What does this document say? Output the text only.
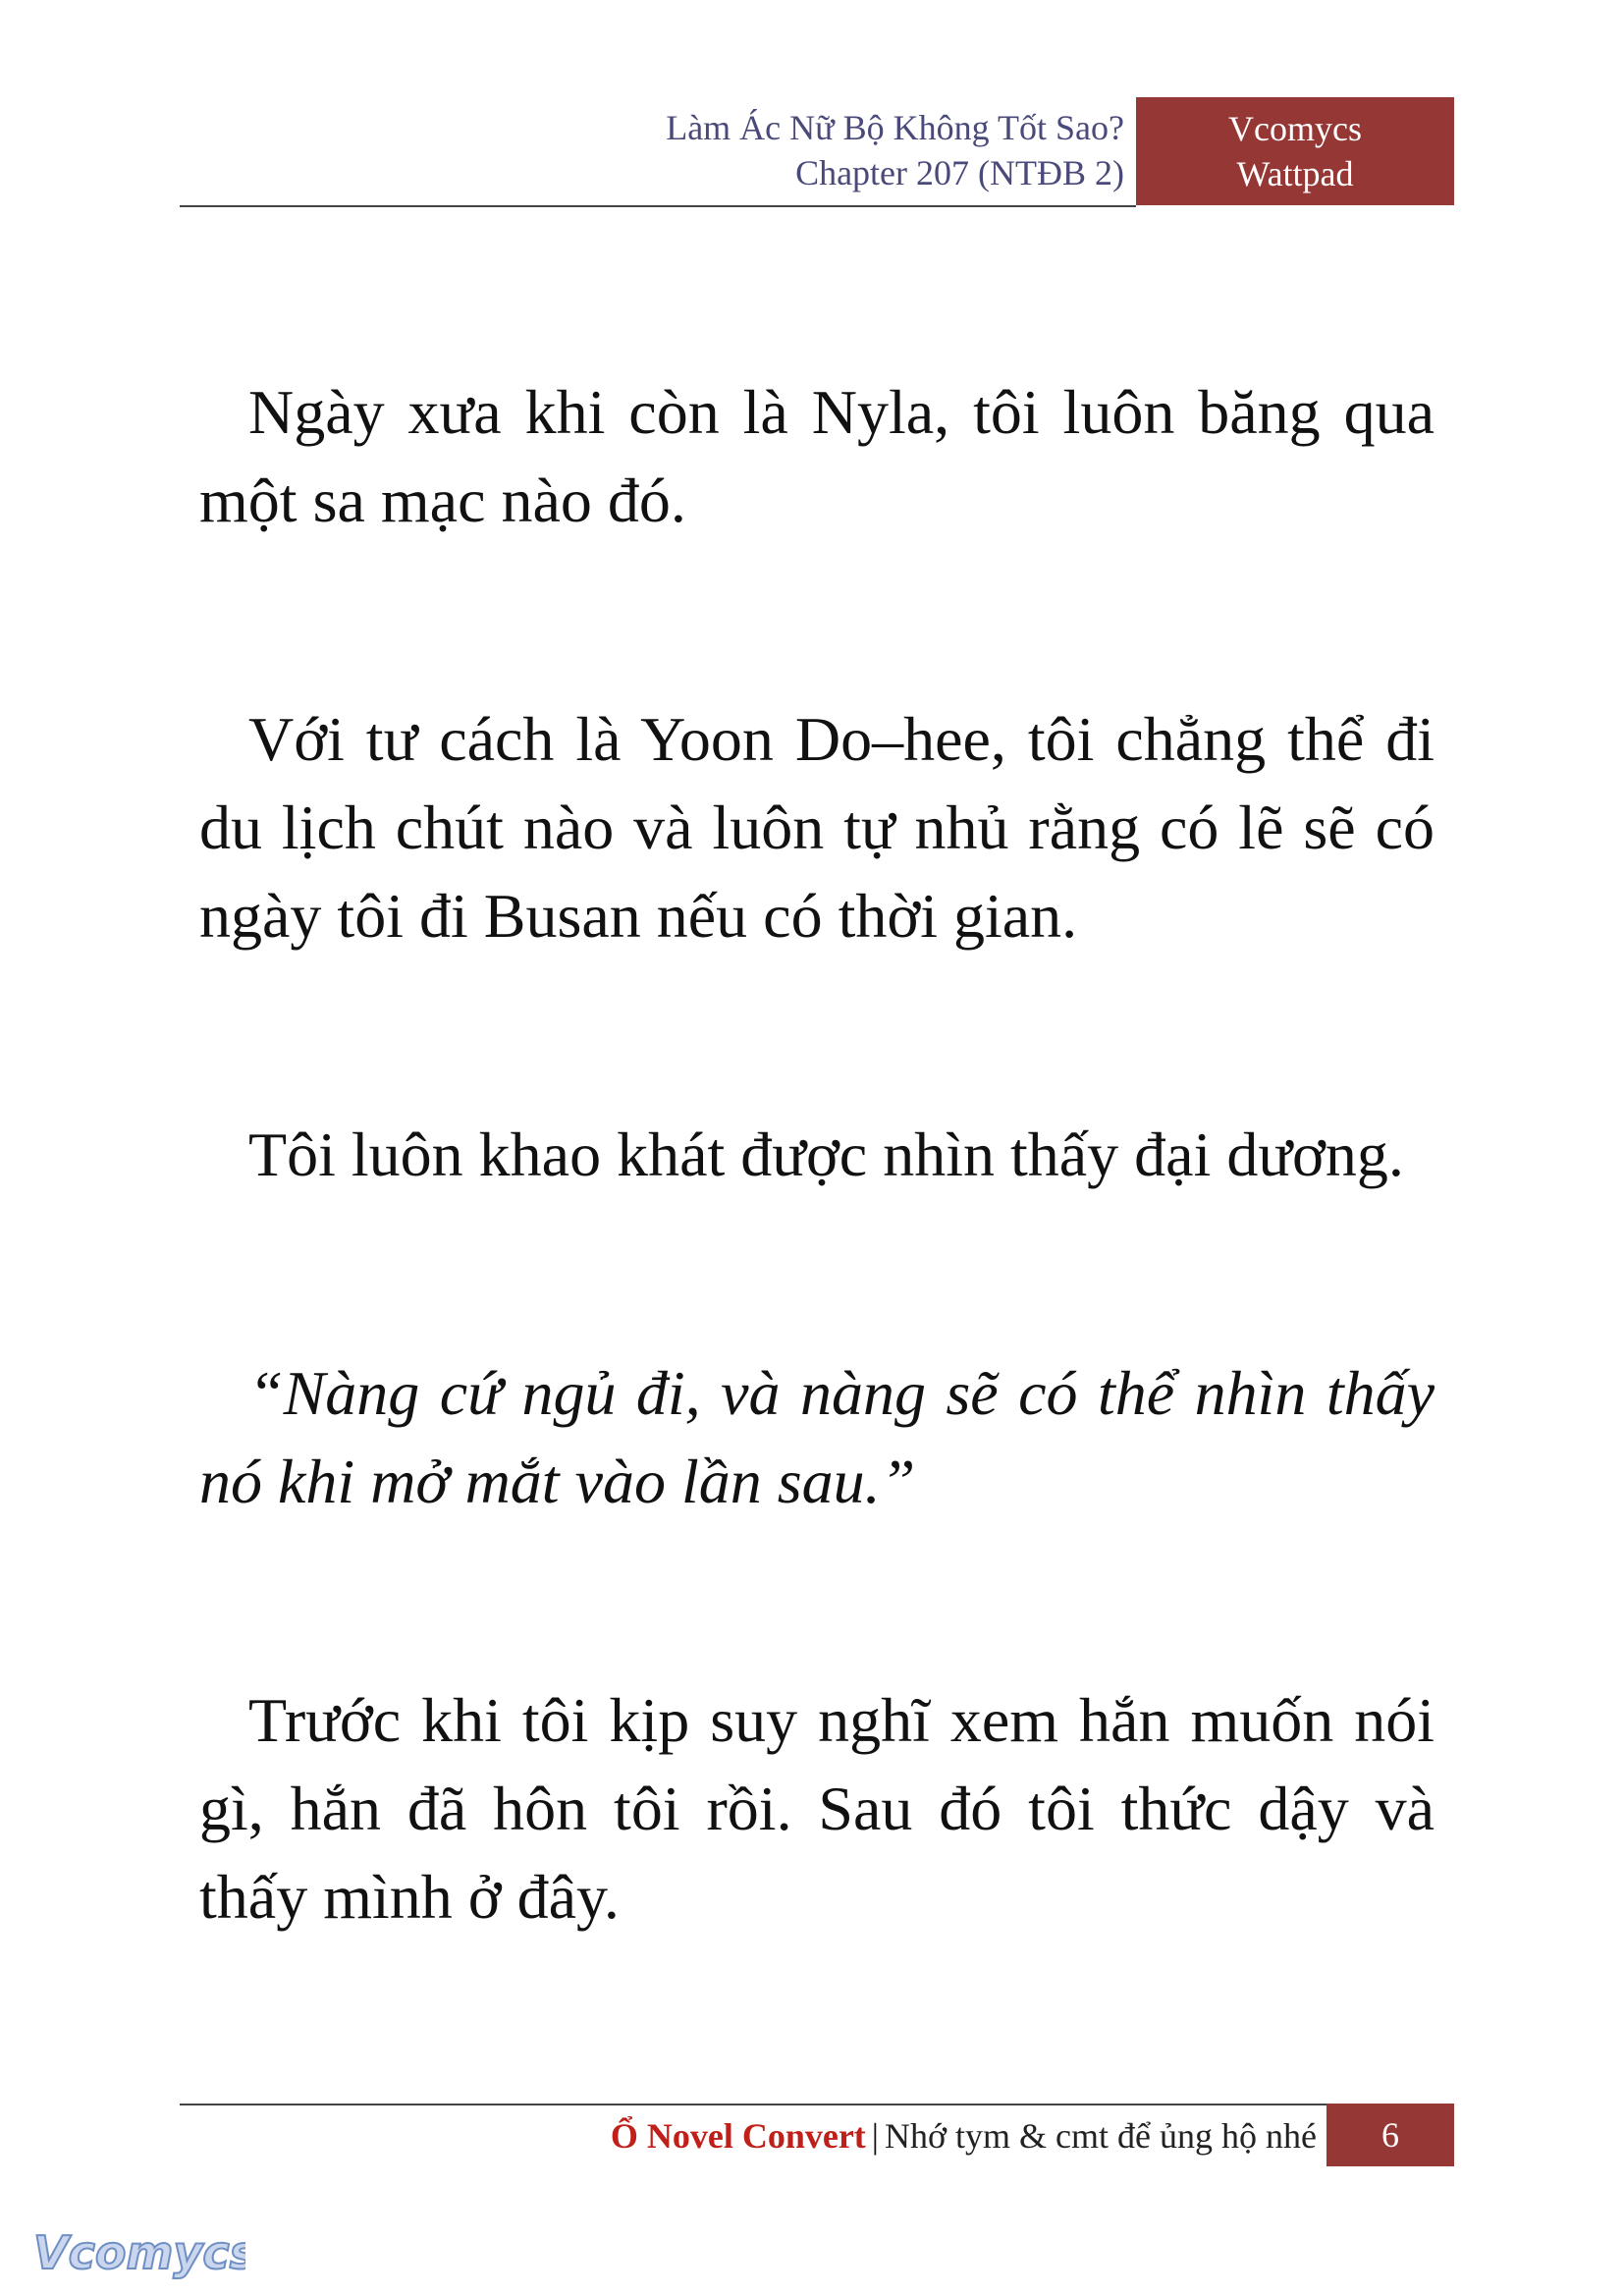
Làm Ác Nữ Bộ Không Tốt Sao?
Chapter 207 (NTĐB 2)
Vcomycs
Wattpad

Ngày xưa khi còn là Nyla, tôi luôn băng qua một sa mạc nào đó.

Với tư cách là Yoon Do–hee, tôi chẳng thể đi du lịch chút nào và luôn tự nhủ rằng có lẽ sẽ có ngày tôi đi Busan nếu có thời gian.

Tôi luôn khao khát được nhìn thấy đại dương.

“Nàng cứ ngủ đi, và nàng sẽ có thể nhìn thấy nó khi mở mắt vào lần sau.”

Trước khi tôi kịp suy nghĩ xem hắn muốn nói gì, hắn đã hôn tôi rồi. Sau đó tôi thức dậy và thấy mình ở đây.

Ổ Novel Convert | Nhớ tym & cmt để ủng hộ nhé	6
Vcomycs
